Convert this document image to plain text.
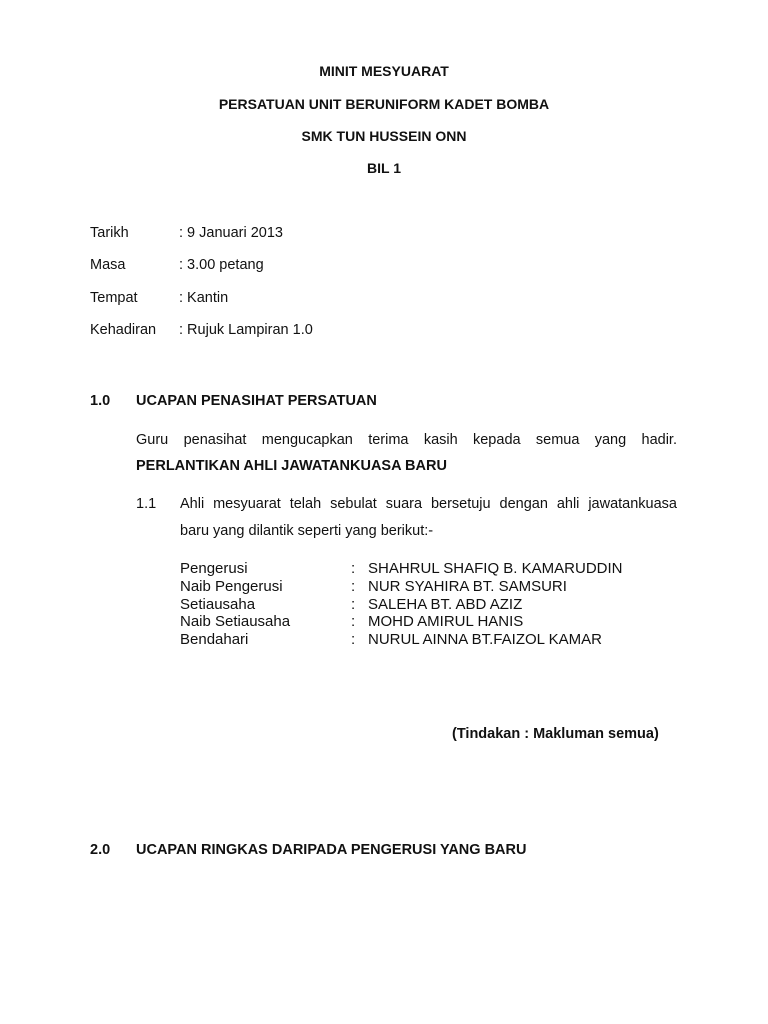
MINIT MESYUARAT
PERSATUAN UNIT BERUNIFORM KADET BOMBA
SMK TUN HUSSEIN ONN
BIL 1
Tarikh	: 9 Januari 2013
Masa	: 3.00 petang
Tempat	: Kantin
Kehadiran : Rujuk Lampiran 1.0
1.0 UCAPAN PENASIHAT PERSATUAN
Guru penasihat mengucapkan terima kasih kepada semua yang hadir.
PERLANTIKAN AHLI JAWATANKUASA BARU
1.1 Ahli mesyuarat telah sebulat suara bersetuju dengan ahli jawatankuasa
baru yang dilantik seperti yang berikut:-
Pengerusi	: SHAHRUL SHAFIQ B. KAMARUDDIN
Naib Pengerusi	: NUR SYAHIRA BT. SAMSURI
Setiausaha	: SALEHA BT. ABD AZIZ
Naib Setiausaha	: MOHD AMIRUL HANIS
Bendahari	: NURUL AINNA BT.FAIZOL KAMAR
(Tindakan : Makluman semua)
2.0 UCAPAN RINGKAS DARIPADA PENGERUSI YANG BARU
